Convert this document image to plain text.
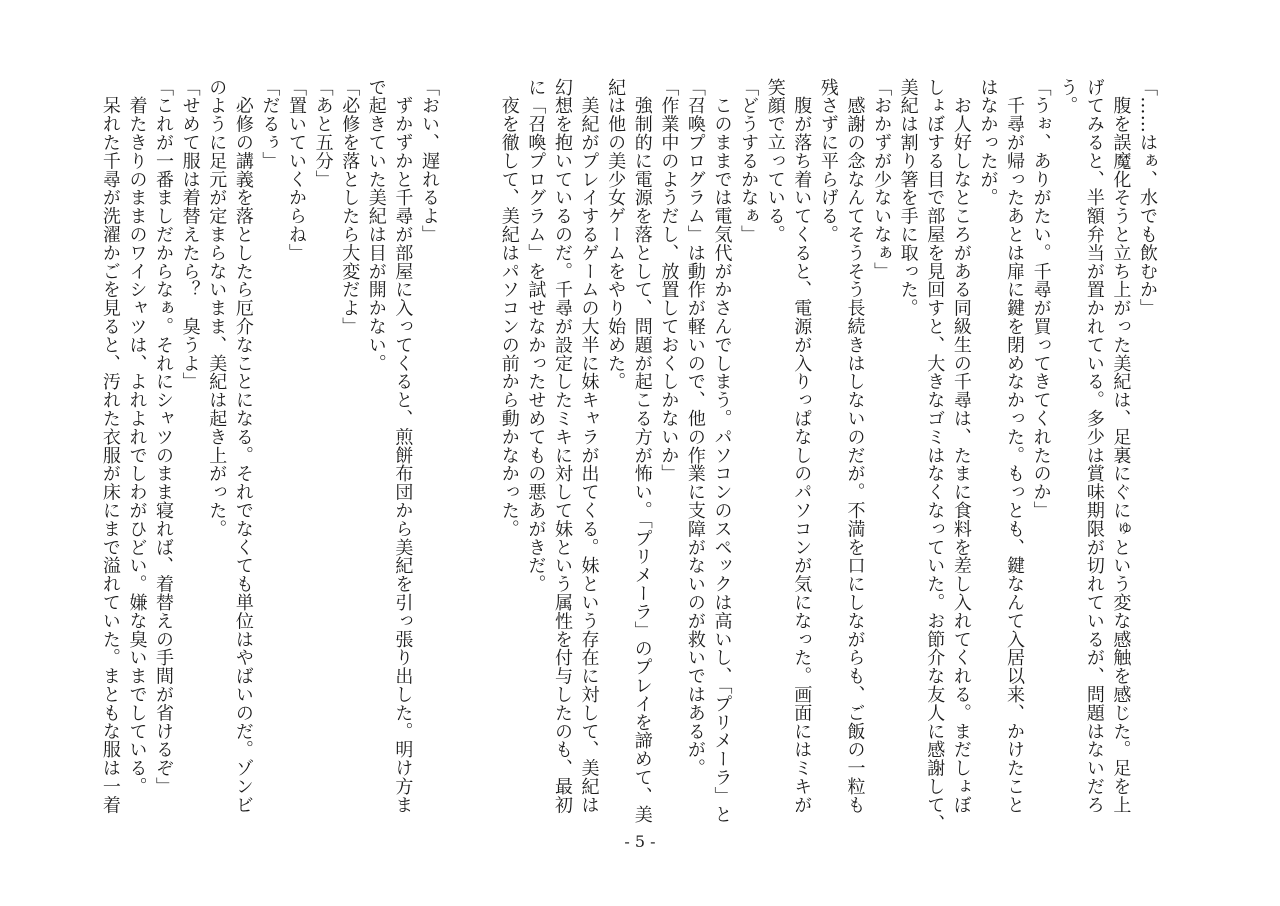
「……はぁ、水でも飲むか」
　腹を誤魔化そうと立ち上がった美紀は、足裏にぐにゅという変な感触を感じた。足を上
げてみると、半額弁当が置かれている。多少は賞味期限が切れているが、問題はないだろ
う。
「うぉ、ありがたい。千尋が買ってきてくれたのか」
　千尋が帰ったあとは扉に鍵を閉めなかった。もっとも、鍵なんて入居以来、かけたこと
はなかったが。
　お人好しなところがある同級生の千尋は、たまに食料を差し入れてくれる。まだしょぼ
しょぼする目で部屋を見回すと、大きなゴミはなくなっていた。お節介な友人に感謝して、
美紀は割り箸を手に取った。
「おかずが少ないなぁ」
　感謝の念なんてそうそう長続きはしないのだが。不満を口にしながらも、ご飯の一粒も
残さずに平らげる。
　腹が落ち着いてくると、電源が入りっぱなしのパソコンが気になった。画面にはミキが
笑顔で立っている。
「どうするかなぁ」
　このままでは電気代がかさんでしまう。パソコンのスペックは高いし、「プリメーラ」と
「召喚プログラム」は動作が軽いので、他の作業に支障がないのが救いではあるが。
「作業中のようだし、放置しておくしかないか」
　強制的に電源を落として、問題が起こる方が怖い。「プリメーラ」のプレイを諦めて、美
紀は他の美少女ゲームをやり始めた。
　美紀がプレイするゲームの大半に妹キャラが出てくる。妹という存在に対して、美紀は
幻想を抱いているのだ。千尋が設定したミキに対して妹という属性を付与したのも、最初
に「召喚プログラム」を試せなかったせめてもの悪あがきだ。
　夜を徹して、美紀はパソコンの前から動かなかった。
「おい、遅れるよ」
　ずかずかと千尋が部屋に入ってくると、煎餅布団から美紀を引っ張り出した。明け方ま
で起きていた美紀は目が開かない。
「必修を落としたら大変だよ」
「あと五分」
「置いていくからね」
「だるぅ」
　必修の講義を落としたら厄介なことになる。それでなくても単位はやばいのだ。ゾンビ
のように足元が定まらないまま、美紀は起き上がった。
「せめて服は着替えたら？　臭うよ」
「これが一番ましだからなぁ。それにシャツのまま寝れば、着替えの手間が省けるぞ」
　着たきりのままのワイシャツは、よれよれでしわがひどい。嫌な臭いまでしている。
　呆れた千尋が洗濯かごを見ると、汚れた衣服が床にまで溢れていた。まともな服は一着
- 5 -
